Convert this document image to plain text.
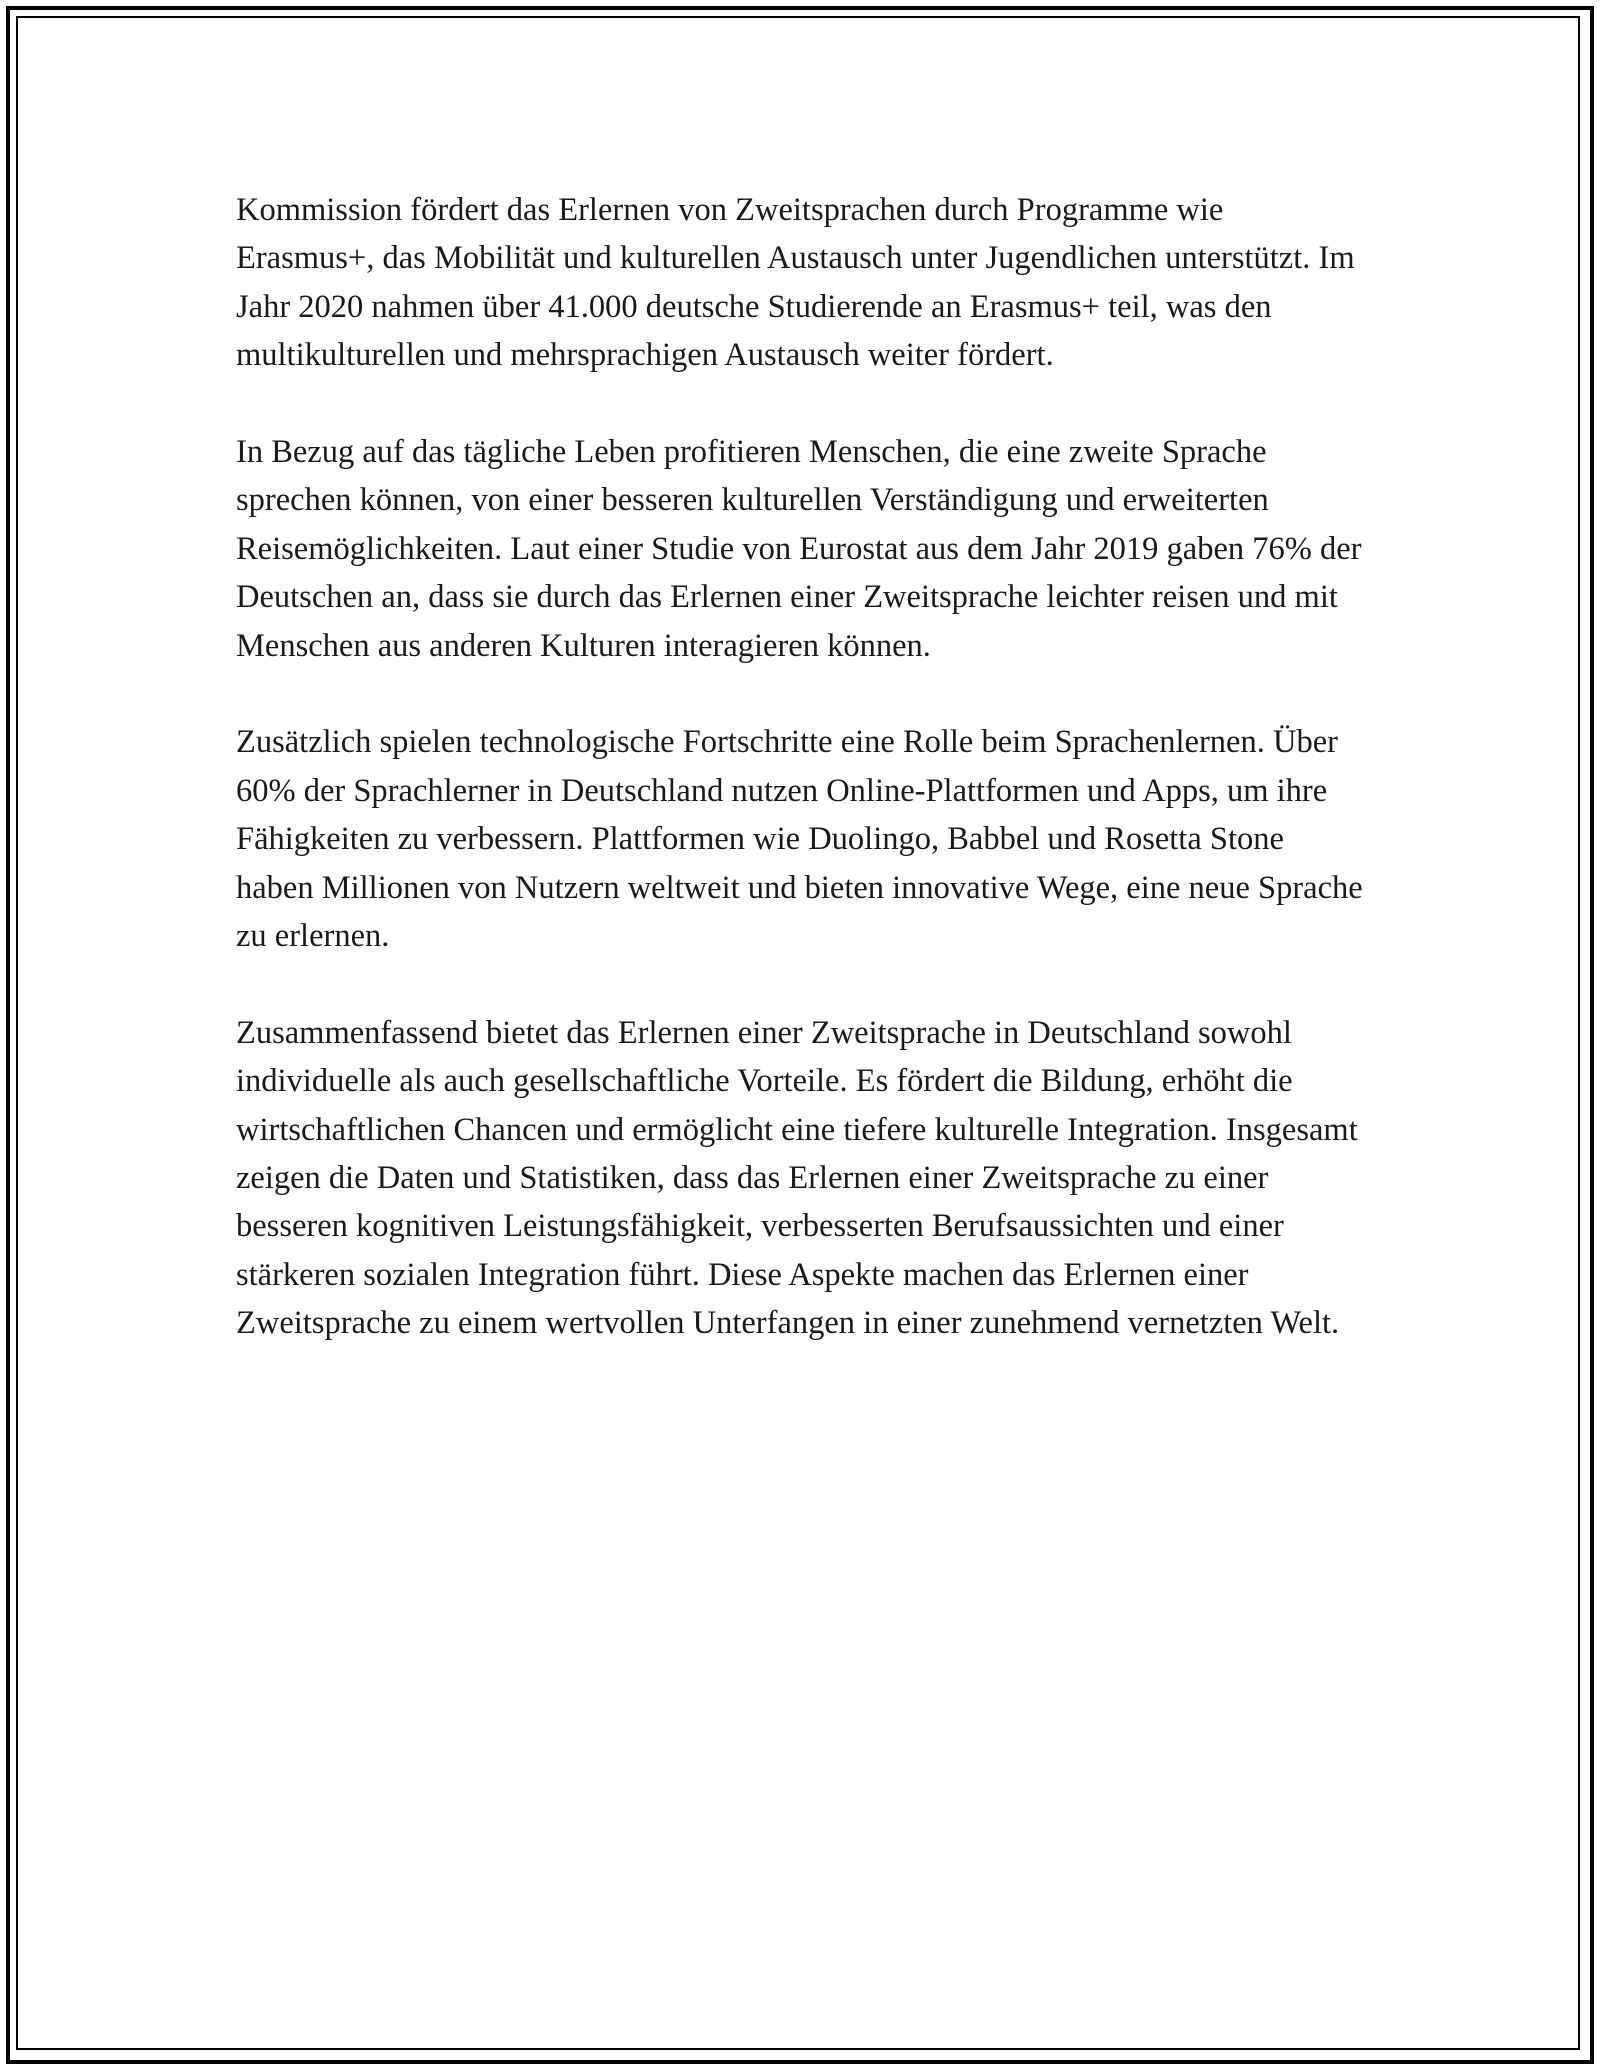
Kommission fördert das Erlernen von Zweitsprachen durch Programme wie Erasmus+, das Mobilität und kulturellen Austausch unter Jugendlichen unterstützt. Im Jahr 2020 nahmen über 41.000 deutsche Studierende an Erasmus+ teil, was den multikulturellen und mehrsprachigen Austausch weiter fördert.

In Bezug auf das tägliche Leben profitieren Menschen, die eine zweite Sprache sprechen können, von einer besseren kulturellen Verständigung und erweiterten Reisemöglichkeiten. Laut einer Studie von Eurostat aus dem Jahr 2019 gaben 76% der Deutschen an, dass sie durch das Erlernen einer Zweitsprache leichter reisen und mit Menschen aus anderen Kulturen interagieren können.

Zusätzlich spielen technologische Fortschritte eine Rolle beim Sprachenlernen. Über 60% der Sprachlerner in Deutschland nutzen Online-Plattformen und Apps, um ihre Fähigkeiten zu verbessern. Plattformen wie Duolingo, Babbel und Rosetta Stone haben Millionen von Nutzern weltweit und bieten innovative Wege, eine neue Sprache zu erlernen.

Zusammenfassend bietet das Erlernen einer Zweitsprache in Deutschland sowohl individuelle als auch gesellschaftliche Vorteile. Es fördert die Bildung, erhöht die wirtschaftlichen Chancen und ermöglicht eine tiefere kulturelle Integration. Insgesamt zeigen die Daten und Statistiken, dass das Erlernen einer Zweitsprache zu einer besseren kognitiven Leistungsfähigkeit, verbesserten Berufsaussichten und einer stärkeren sozialen Integration führt. Diese Aspekte machen das Erlernen einer Zweitsprache zu einem wertvollen Unterfangen in einer zunehmend vernetzten Welt.
